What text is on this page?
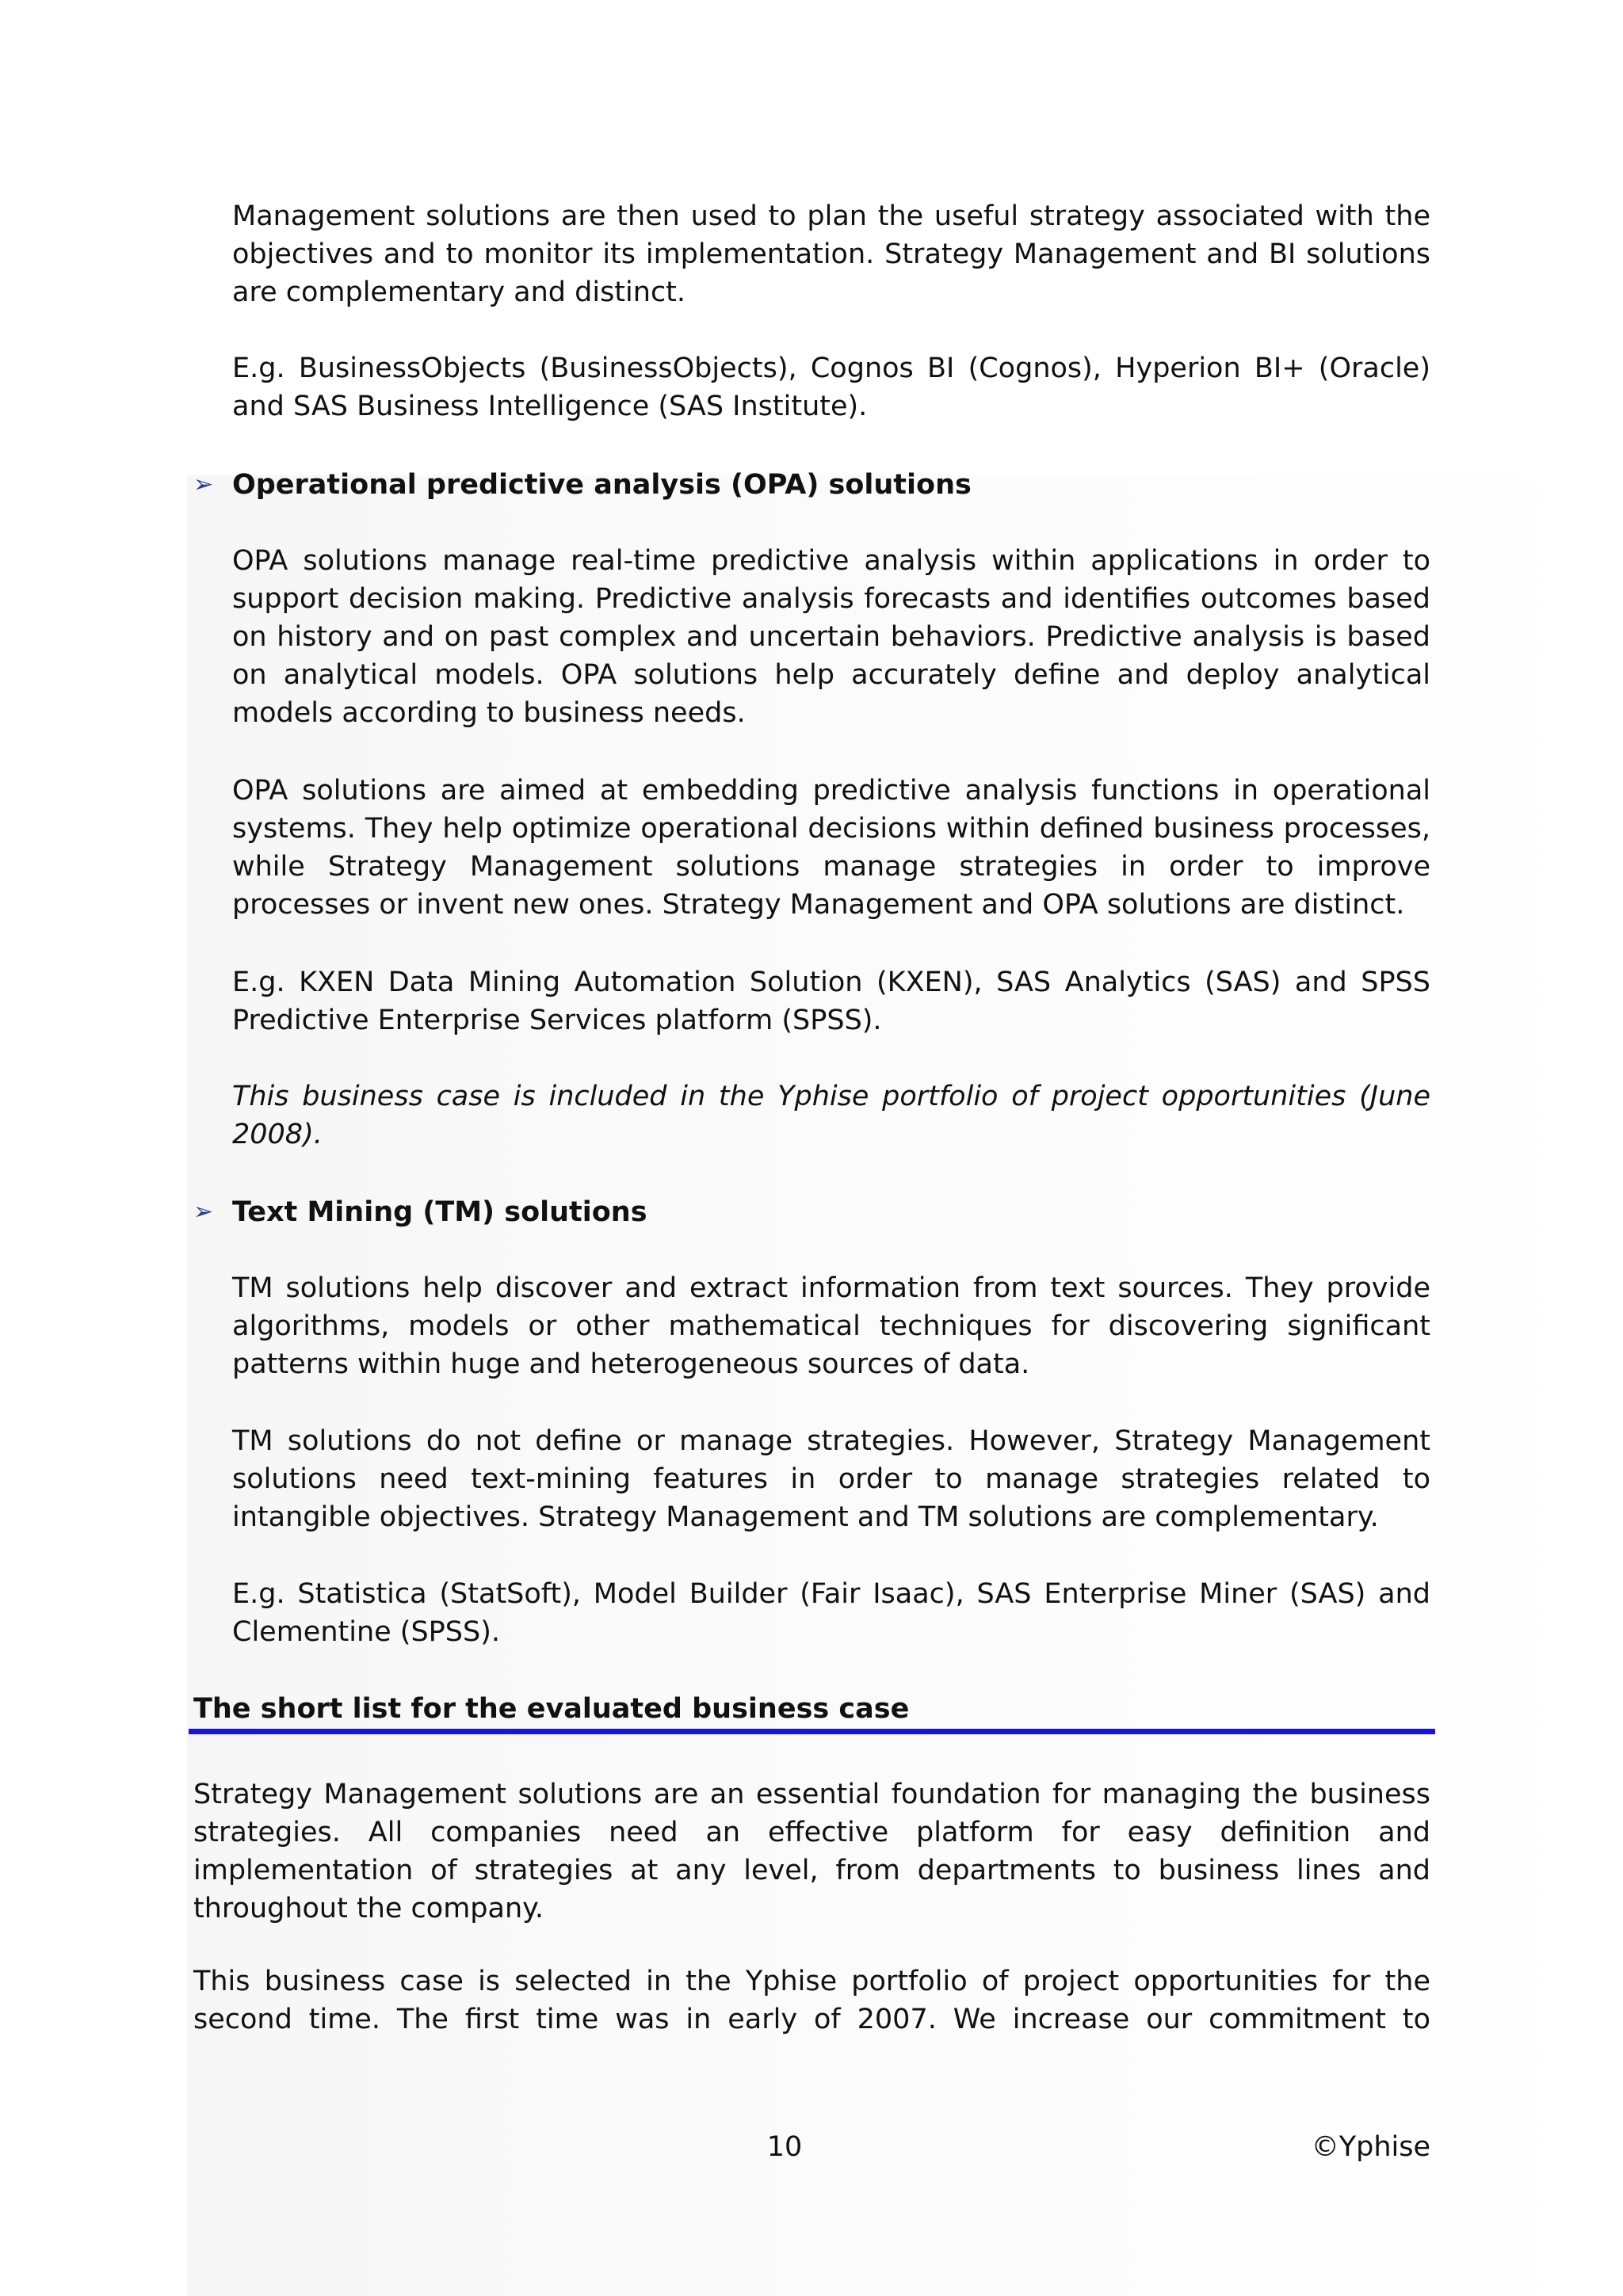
Management solutions are then used to plan the useful strategy associated with the objectives and to monitor its implementation. Strategy Management and BI solutions are complementary and distinct.

E.g. BusinessObjects (BusinessObjects), Cognos BI (Cognos), Hyperion BI+ (Oracle) and SAS Business Intelligence (SAS Institute).

➢ Operational predictive analysis (OPA) solutions

OPA solutions manage real-time predictive analysis within applications in order to support decision making. Predictive analysis forecasts and identifies outcomes based on history and on past complex and uncertain behaviors. Predictive analysis is based on analytical models. OPA solutions help accurately define and deploy analytical models according to business needs.

OPA solutions are aimed at embedding predictive analysis functions in operational systems. They help optimize operational decisions within defined business processes, while Strategy Management solutions manage strategies in order to improve processes or invent new ones. Strategy Management and OPA solutions are distinct.

E.g. KXEN Data Mining Automation Solution (KXEN), SAS Analytics (SAS) and SPSS Predictive Enterprise Services platform (SPSS).

This business case is included in the Yphise portfolio of project opportunities (June 2008).

➢ Text Mining (TM) solutions

TM solutions help discover and extract information from text sources. They provide algorithms, models or other mathematical techniques for discovering significant patterns within huge and heterogeneous sources of data.

TM solutions do not define or manage strategies. However, Strategy Management solutions need text-mining features in order to manage strategies related to intangible objectives. Strategy Management and TM solutions are complementary.

E.g. Statistica (StatSoft), Model Builder (Fair Isaac), SAS Enterprise Miner (SAS) and Clementine (SPSS).

The short list for the evaluated business case

Strategy Management solutions are an essential foundation for managing the business strategies. All companies need an effective platform for easy definition and implementation of strategies at any level, from departments to business lines and throughout the company.

This business case is selected in the Yphise portfolio of project opportunities for the second time. The first time was in early of 2007. We increase our commitment to

10	©Yphise
